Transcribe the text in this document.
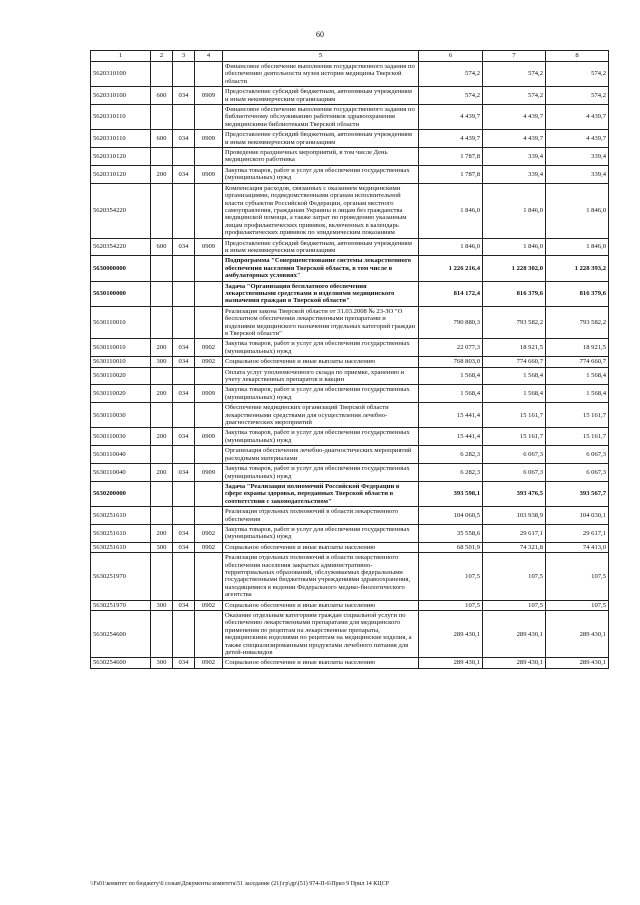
60
1	2	3	4	5	6	7	8
5620310100				Финансовое обеспечение выполнения государственного задания по обеспечению деятельности музея истории медицины Тверской области	574,2	574,2	574,2
5620310100	600	034	0909	Предоставление субсидий бюджетным, автономным учреждениям и иным некоммерческим организациям	574,2	574,2	574,2
5620310110				Финансовое обеспечение выполнения государственного задания по библиотечному обслуживанию работников здравоохранения медицинскими библиотеками Тверской области	4 439,7	4 439,7	4 439,7
5620310110	600	034	0909	Предоставление субсидий бюджетным, автономным учреждениям и иным некоммерческим организациям	4 439,7	4 439,7	4 439,7
5620310120				Проведение праздничных мероприятий, в том числе День медицинского работника	1 787,8	339,4	339,4
5620310120	200	034	0909	Закупка товаров, работ и услуг для обеспечения государственных (муниципальных) нужд	1 787,8	339,4	339,4
5620354220				Компенсация расходов, связанных с оказанием медицинскими организациями, подведомственными органам исполнительной власти субъектов Российской Федерации, органам местного самоуправления, гражданам Украины и лицам без гражданства медицинской помощи, а также затрат по проведению указанным лицам профилактических прививок, включенных в календарь профилактических прививок по эпидемическим показаниям	1 846,0	1 846,0	1 846,0
5620354220	600	034	0909	Предоставление субсидий бюджетным, автономным учреждениям и иным некоммерческим организациям	1 846,0	1 846,0	1 846,0
5630000000				Подпрограмма "Совершенствование системы лекарственного обеспечения населения Тверской области, в том числе в амбулаторных условиях"	1 226 216,4	1 228 302,0	1 228 393,2
5630100000				Задача "Организация бесплатного обеспечения лекарственными средствами и изделиями медицинского назначения граждан в Тверской области"	814 172,4	816 379,6	816 379,6
5630110010				Реализация закона Тверской области от 31.03.2008 № 23-ЗО "О бесплатном обеспечении лекарственными препаратами и изделиями медицинского назначения отдельных категорий граждан в Тверской области"	790 880,3	793 582,2	793 582,2
5630110010	200	034	0902	Закупка товаров, работ и услуг для обеспечения государственных (муниципальных) нужд	22 077,3	18 921,5	18 921,5
5630110010	300	034	0902	Социальное обеспечение и иные выплаты населению	768 803,0	774 660,7	774 660,7
5630110020				Оплата услуг уполномоченного склада по приемке, хранению и учету лекарственных препаратов и вакцин	1 568,4	1 568,4	1 568,4
5630110020	200	034	0909	Закупка товаров, работ и услуг для обеспечения государственных (муниципальных) нужд	1 568,4	1 568,4	1 568,4
5630110030				Обеспечение медицинских организаций Тверской области лекарственными средствами для осуществления лечебно-диагностических мероприятий	15 441,4	15 161,7	15 161,7
5630110030	200	034	0909	Закупка товаров, работ и услуг для обеспечения государственных (муниципальных) нужд	15 441,4	15 161,7	15 161,7
5630110040				Организация обеспечения лечебно-диагностических мероприятий расходными материалами	6 282,3	6 067,3	6 067,3
5630110040	200	034	0909	Закупка товаров, работ и услуг для обеспечения государственных (муниципальных) нужд	6 282,3	6 067,3	6 067,3
5630200000				Задача "Реализация полномочий Российской Федерации в сфере охраны здоровья, переданных Тверской области в соответствии с законодательством"	393 598,1	393 476,5	393 567,7
5630251610				Реализация отдельных полномочий в области лекарственного обеспечения	104 060,5	103 938,9	104 030,1
5630251610	200	034	0902	Закупка товаров, работ и услуг для обеспечения государственных (муниципальных) нужд	35 558,6	29 617,1	29 617,1
5630251610	300	034	0902	Социальное обеспечение и иные выплаты населению	68 501,9	74 321,8	74 413,0
5630251970				Реализация отдельных полномочий в области лекарственного обеспечения населения закрытых административно-территориальных образований, обслуживаемых федеральными государственными бюджетными учреждениями здравоохранения, находящимися в ведении Федерального медико-биологического агентства	107,5	107,5	107,5
5630251970	300	034	0902	Социальное обеспечение и иные выплаты населению	107,5	107,5	107,5
5630254600				Оказание отдельным категориям граждан социальной услуги по обеспечению лекарственными препаратами для медицинского применения по рецептам на лекарственные препараты, медицинскими изделиями по рецептам на медицинские изделия, а также специализированными продуктами лечебного питания для детей-инвалидов	289 430,1	289 430,1	289 430,1
5630254600	300	034	0902	Социальное обеспечение и иные выплаты населению	289 430,1	289 430,1	289 430,1
\\Fs01\комитет по бюджету\6 созыв\Документы комитета\51 заседание (21)\гр\др\(51) 974-П-6\Прил 9 Прил 14 КЦСР
